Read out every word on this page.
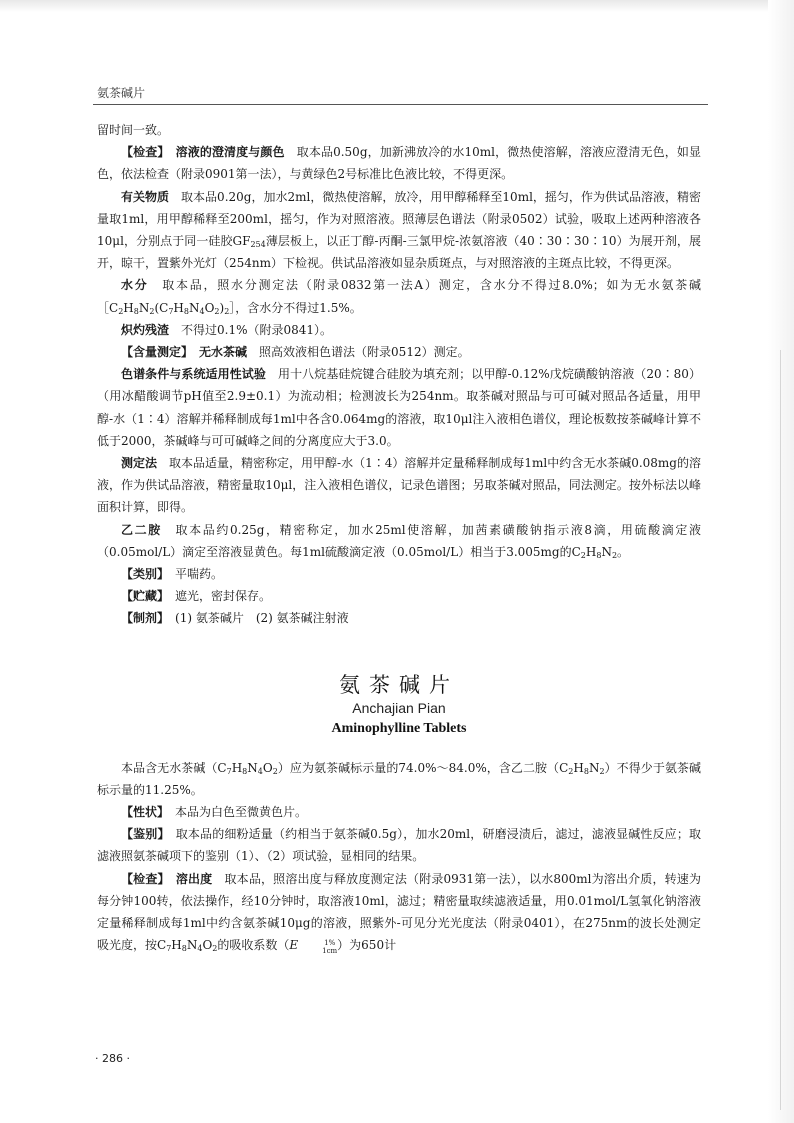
氨茶碱片

留时间一致。

【检查】　 溶液的澄清度与颜色　取本品0.50g，加新沸放冷的水10ml，微热使溶解，溶液应澄清无色，如显色，依法检查（附录0901第一法），与黄绿色2号标准比色液比较，不得更深。

有关物质　取本品0.20g，加水2ml，微热使溶解，放冷，用甲醇稀释至10ml，摇匀，作为供试品溶液，精密量取1ml，用甲醇稀释至200ml，摇匀，作为对照溶液。照薄层色谱法（附录0502）试验，吸取上述两种溶液各10μl，分别点于同一硅胶$GF_{254}$薄层板上，以正丁醇-丙酮-三氯甲烷-浓氨溶液（40∶30∶30∶10）为展开剂，展开，晾干，置紫外光灯（254nm）下检视。供试品溶液如显杂质斑点，与对照溶液的主斑点比较，不得更深。

水分　取本品，照水分测定法（附录0832第一法A）测定，含水分不得过8.0%；如为无水氨茶碱$[C_2H_8N_2(C_7H_8N_4O_2)_2]$，含水分不得过1.5%。

炽灼残渣　不得过0.1%（附录0841）。

【含量测定】　 无水茶碱　照高效液相色谱法（附录0512）测定。

色谱条件与系统适用性试验　用十八烷基硅烷键合硅胶为填充剂；以甲醇-0.12%戊烷磺酸钠溶液（20∶80）（用冰醋酸调节pH值至2.9±0.1）为流动相；检测波长为254nm。取茶碱对照品与可可碱对照品各适量，用甲醇-水（1∶4）溶解并稀释制成每1ml中各含0.064mg的溶液，取10μl注入液相色谱仪，理论板数按茶碱峰计算不低于2000，茶碱峰与可可碱峰之间的分离度应大于3.0。

测定法　取本品适量，精密称定，用甲醇-水（1∶4）溶解并定量稀释制成每1ml中约含无水茶碱0.08mg的溶液，作为供试品溶液，精密量取10μl，注入液相色谱仪，记录色谱图；另取茶碱对照品，同法测定。按外标法以峰面积计算，即得。

乙二胺　取本品约0.25g，精密称定，加水25ml使溶解，加茜素磺酸钠指示液8滴，用硫酸滴定液（0.05mol/L）滴定至溶液显黄色。每1ml硫酸滴定液（0.05mol/L）相当于3.005mg的$C_2H_8N_2$。

【类别】　平喘药。

【贮藏】　遮光，密封保存。

【制剂】　(1) 氨茶碱片　(2) 氨茶碱注射液

氨茶碱片
Anchajian Pian
Aminophylline Tablets

本品含无水茶碱$(C_7H_8N_4O_2)$应为氨茶碱标示量的74.0%～84.0%，含乙二胺$(C_2H_8N_2)$不得少于氨茶碱标示量的11.25%。

【性状】　本品为白色至微黄色片。

【鉴别】　取本品的细粉适量（约相当于氨茶碱0.5g），加水20ml，研磨浸渍后，滤过，滤液显碱性反应；取滤液照氨茶碱项下的鉴别（1）、（2）项试验，显相同的结果。

【检查】　 溶出度　取本品，照溶出度与释放度测定法（附录0931第一法），以水800ml为溶出介质，转速为每分钟100转，依法操作，经10分钟时，取溶液10ml，滤过；精密量取续滤液适量，用0.01mol/L氢氧化钠溶液定量稀释制成每1ml中约含氨茶碱10μg的溶液，照紫外-可见分光光度法（附录0401），在275nm的波长处测定吸光度，按$C_7H_8N_4O_2$的吸收系数（E	1%
1cm ）为650计

· 286 ·
